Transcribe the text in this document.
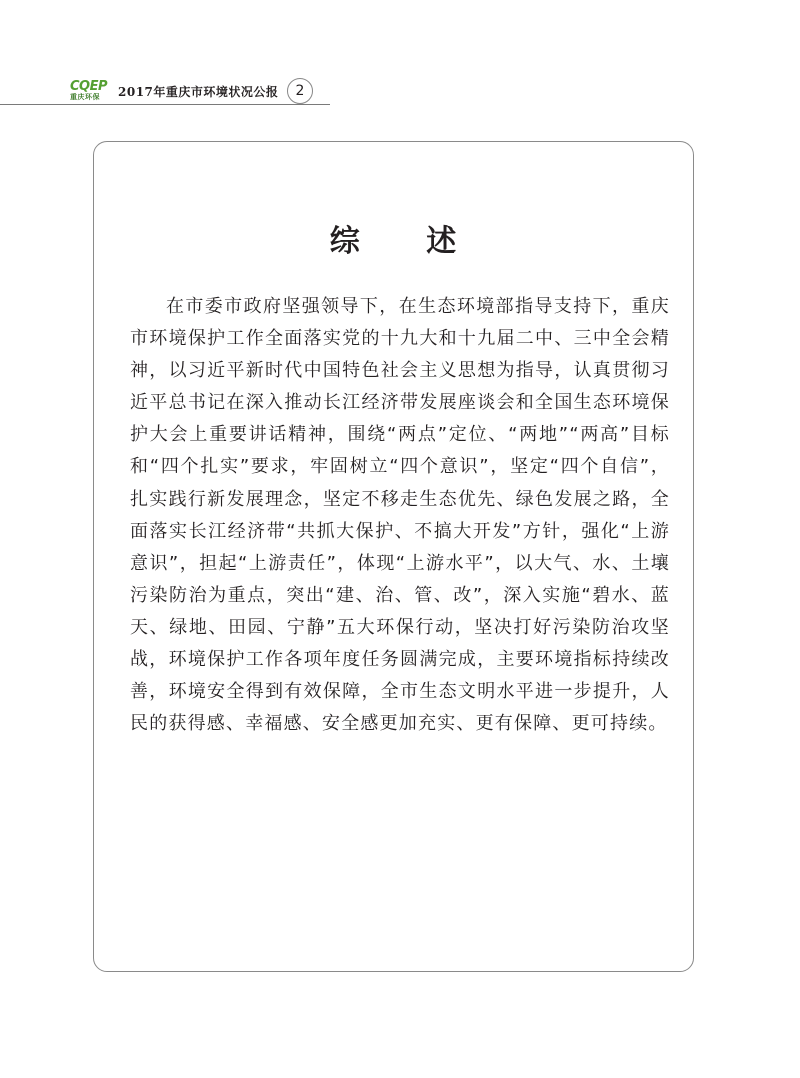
CQEP
重庆环保	2017年重庆市环境状况公报	2
综 述

在市委市政府坚强领导下，在生态环境部指导支持下，重庆市环境保护工作全面落实党的十九大和十九届二中、三中全会精神，以习近平新时代中国特色社会主义思想为指导，认真贯彻习近平总书记在深入推动长江经济带发展座谈会和全国生态环境保护大会上重要讲话精神，围绕“两点”定位、“两地”“两高”目标和“四个扎实”要求，牢固树立“四个意识”，坚定“四个自信”，扎实践行新发展理念，坚定不移走生态优先、绿色发展之路，全面落实长江经济带“共抓大保护、不搞大开发”方针，强化“上游意识”，担起“上游责任”，体现“上游水平”，以大气、水、土壤污染防治为重点，突出“建、治、管、改”，深入实施“碧水、蓝天、绿地、田园、宁静”五大环保行动，坚决打好污染防治攻坚战，环境保护工作各项年度任务圆满完成，主要环境指标持续改善，环境安全得到有效保障，全市生态文明水平进一步提升，人民的获得感、幸福感、安全感更加充实、更有保障、更可持续。
